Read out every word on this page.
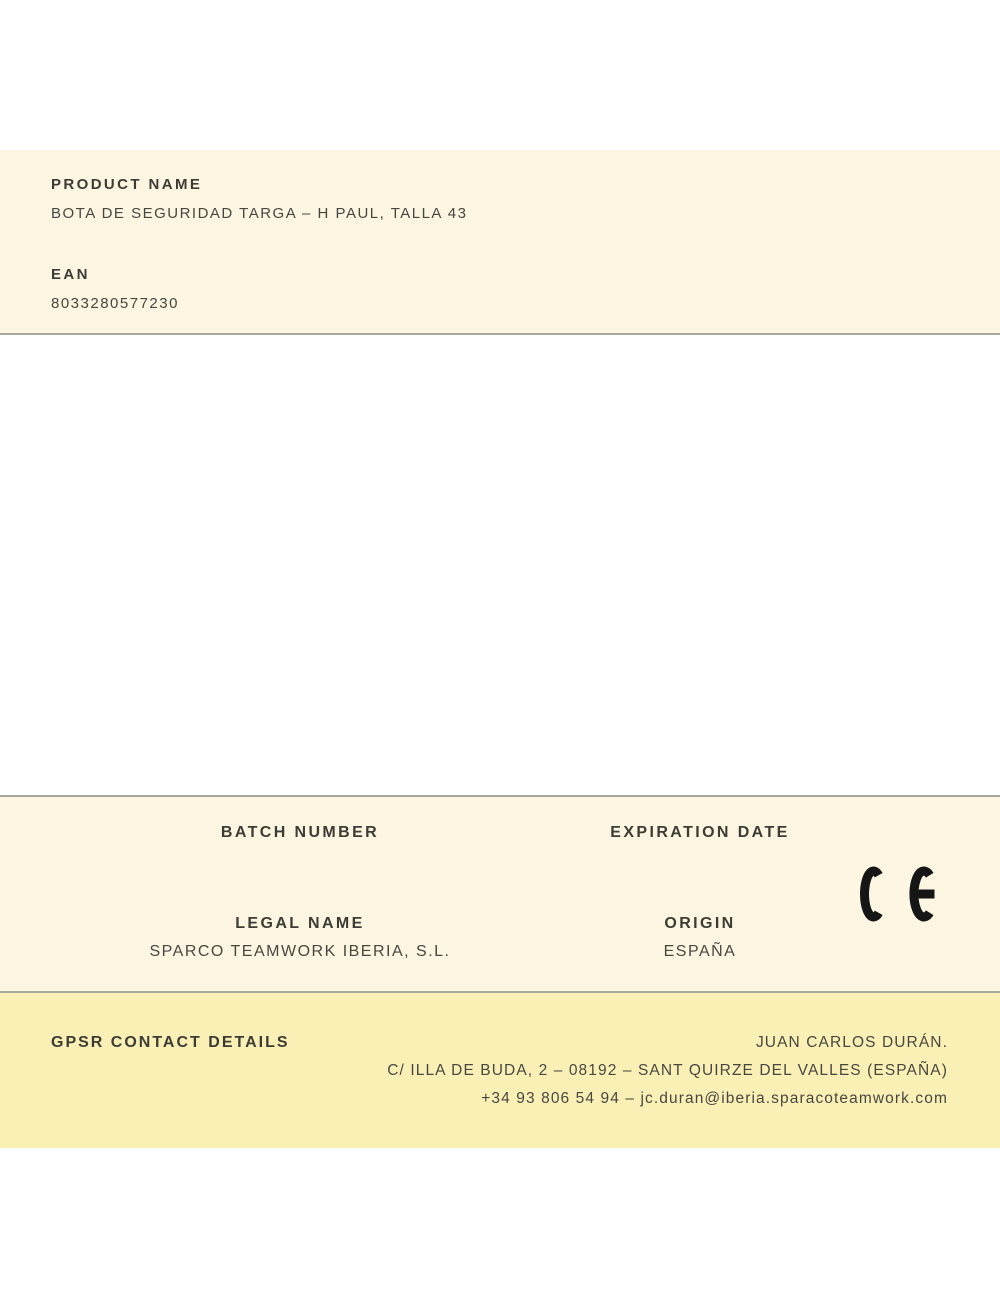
PRODUCT NAME
BOTA DE SEGURIDAD TARGA – H PAUL, TALLA 43
EAN
8033280577230
BATCH NUMBER	EXPIRATION DATE
LEGAL NAME	ORIGIN
SPARCO TEAMWORK IBERIA, S.L.	ESPAÑA
GPSR CONTACT DETAILS	JUAN CARLOS DURÁN.
C/ ILLA DE BUDA, 2 – 08192 – SANT QUIRZE DEL VALLES (ESPAÑA)
+34 93 806 54 94 – jc.duran@iberia.sparacoteamwork.com
